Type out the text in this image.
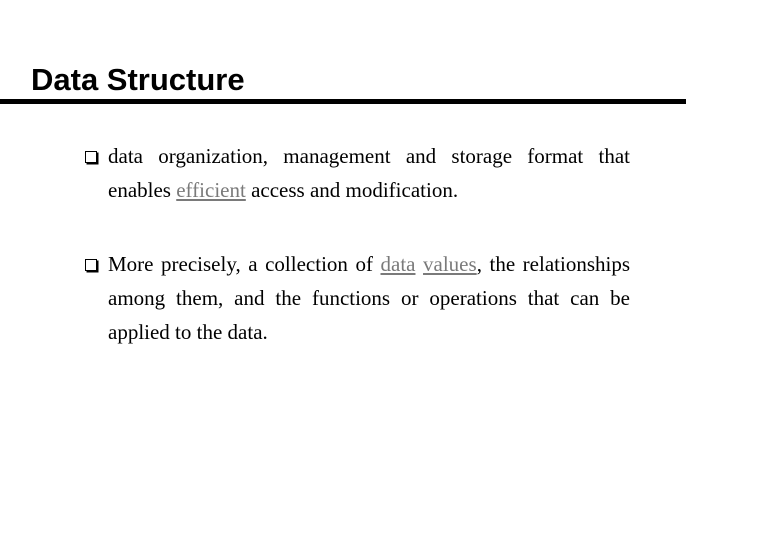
Data Structure
data organization, management and storage format that enables efficient access and modification.
More precisely, a collection of data values, the relationships among them, and the functions or operations that can be applied to the data.
